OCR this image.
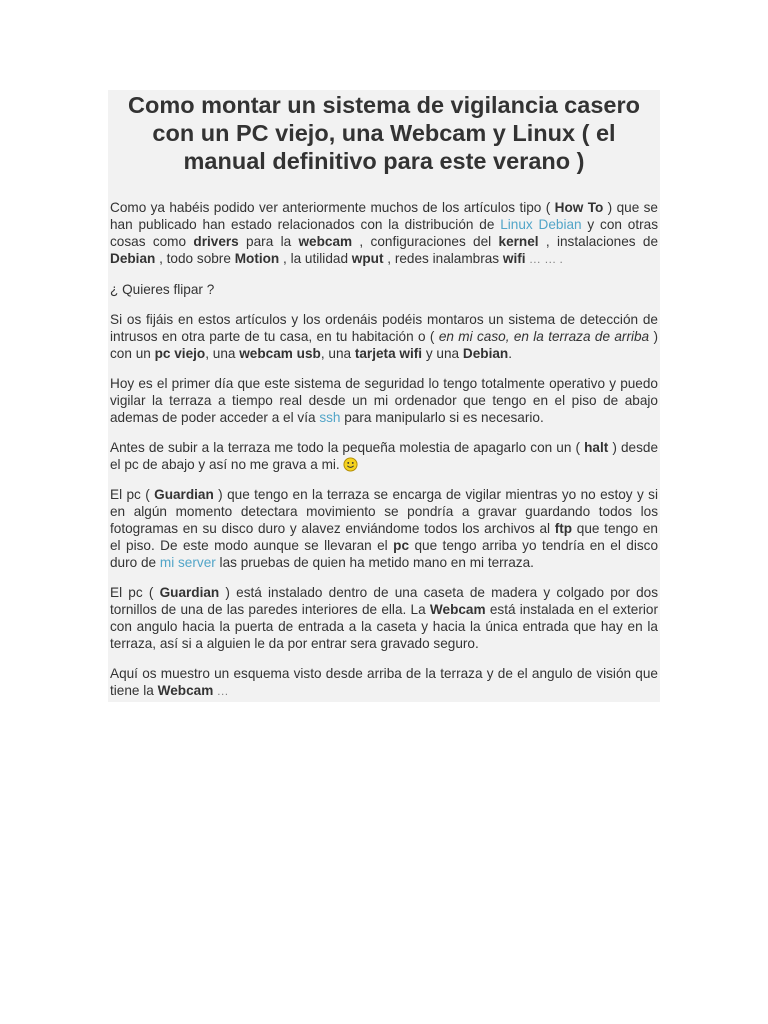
Como montar un sistema de vigilancia casero con un PC viejo, una Webcam y Linux ( el manual definitivo para este verano )

Como ya habéis podido ver anteriormente muchos de los artículos tipo ( How To ) que se han publicado han estado relacionados con la distribución de Linux Debian y con otras cosas como drivers para la webcam , configuraciones del kernel , instalaciones de Debian , todo sobre Motion , la utilidad wput , redes inalambras wifi … … .

¿ Quieres flipar ?

Si os fijáis en estos artículos y los ordenáis podéis montaros un sistema de detección de intrusos en otra parte de tu casa, en tu habitación o ( en mi caso, en la terraza de arriba ) con un pc viejo, una webcam usb, una tarjeta wifi y una Debian.

Hoy es el primer día que este sistema de seguridad lo tengo totalmente operativo y puedo vigilar la terraza a tiempo real desde un mi ordenador que tengo en el piso de abajo ademas de poder acceder a el vía ssh para manipularlo si es necesario.

Antes de subir a la terraza me todo la pequeña molestia de apagarlo con un ( halt ) desde el pc de abajo y así no me grava a mi.

El pc ( Guardian ) que tengo en la terraza se encarga de vigilar mientras yo no estoy y si en algún momento detectara movimiento se pondría a gravar guardando todos los fotogramas en su disco duro y alavez enviándome todos los archivos al ftp que tengo en el piso. De este modo aunque se llevaran el pc que tengo arriba yo tendría en el disco duro de mi server las pruebas de quien ha metido mano en mi terraza.

El pc ( Guardian ) está instalado dentro de una caseta de madera y colgado por dos tornillos de una de las paredes interiores de ella. La Webcam está instalada en el exterior con angulo hacia la puerta de entrada a la caseta y hacia la única entrada que hay en la terraza, así si a alguien le da por entrar sera gravado seguro.

Aquí os muestro un esquema visto desde arriba de la terraza y de el angulo de visión que tiene la Webcam …
